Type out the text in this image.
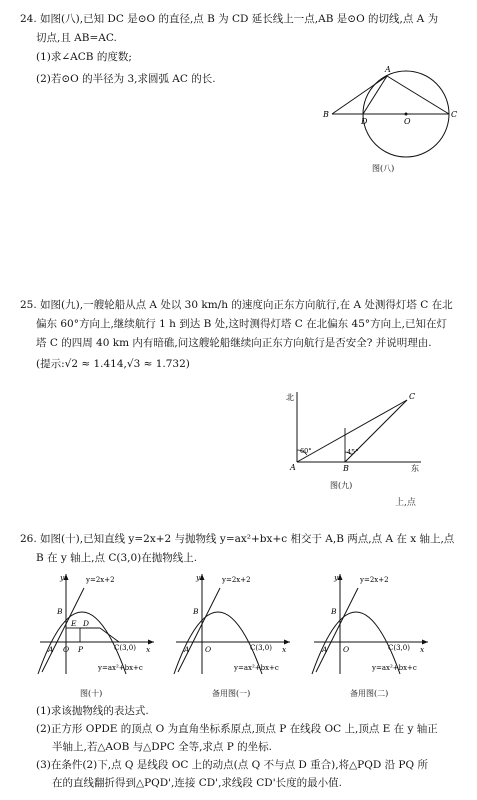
24. 如图(八),已知 DC 是⊙O 的直径,点 B 为 CD 延长线上一点,AB 是⊙O 的切线,点 A 为
切点,且 AB=AC.
(1)求∠ACB 的度数;
(2)若⊙O 的半径为 3,求圆弧 AC 的长.
A
B
D	O
C
图(八)
25. 如图(九),一艘轮船从点 A 处以 30 km/h 的速度向正东方向航行,在 A 处测得灯塔 C 在北
偏东 60°方向上,继续航行 1 h 到达 B 处,这时测得灯塔 C 在北偏东 45°方向上,已知在灯
塔 C 的四周 40 km 内有暗礁,问这艘轮船继续向正东方向航行是否安全? 并说明理由.
(提示:√2 ≈ 1.414,√3 ≈ 1.732)
北
东
A	B
C
60°	45°
图(九)
上,点
26. 如图(十),已知直线 y=2x+2 与抛物线 y=ax²+bx+c 相交于 A,B 两点,点 A 在 x 轴上,点
B 在 y 轴上,点 C(3,0)在抛物线上.
y
x
y=2x+2
B
E D
A O P	C(3,0)
y=ax²+bx+c
图(十)
y
x
y=2x+2
B
A O	C(3,0)
y=ax²+bx+c
备用图(一)
y
x
y=2x+2
B
A O	C(3,0)
y=ax²+bx+c
备用图(二)
(1)求该抛物线的表达式.
(2)正方形 OPDE 的顶点 O 为直角坐标系原点,顶点 P 在线段 OC 上,顶点 E 在 y 轴正
半轴上,若△AOB 与△DPC 全等,求点 P 的坐标.
(3)在条件(2)下,点 Q 是线段 OC 上的动点(点 Q 不与点 D 重合),将△PQD 沿 PQ 所
在的直线翻折得到△PQD',连接 CD',求线段 CD'长度的最小值.
